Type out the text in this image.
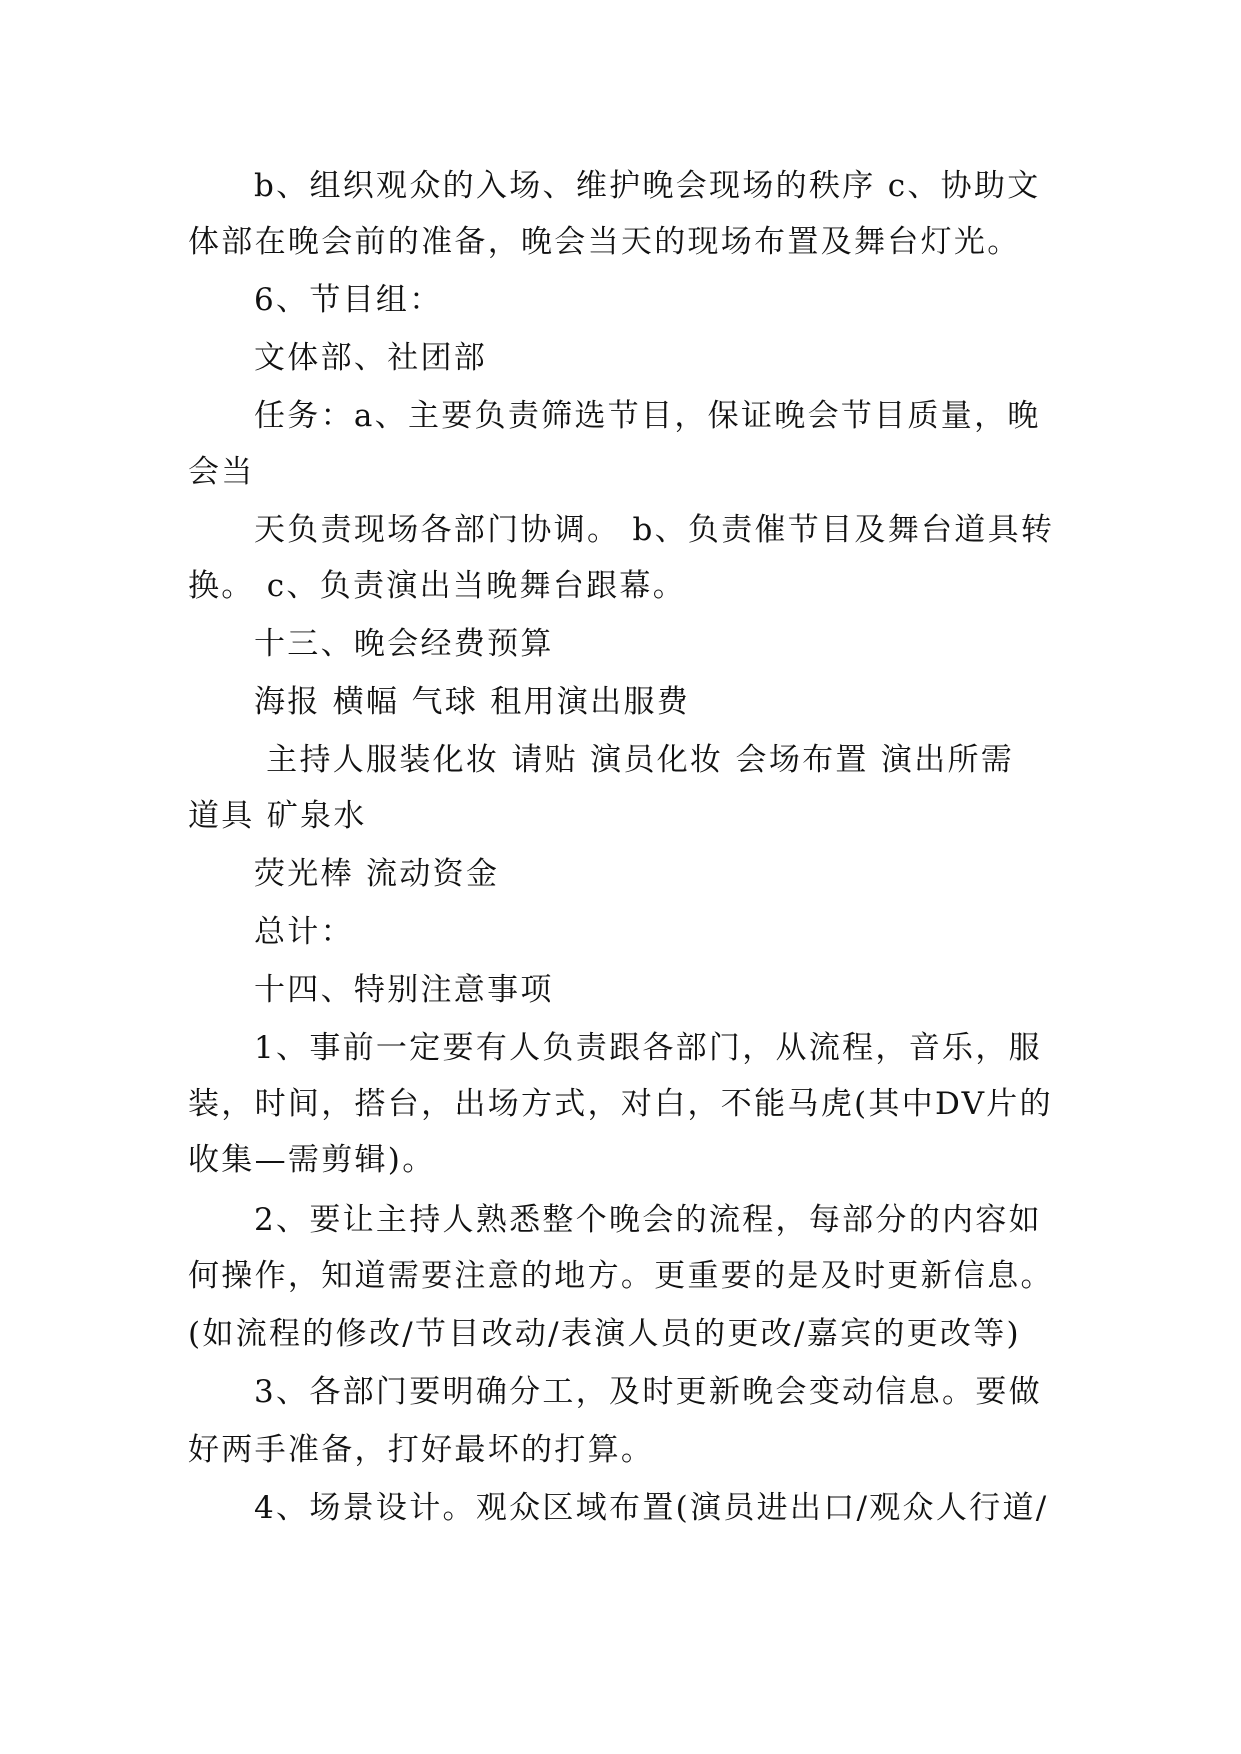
b、组织观众的入场、维护晚会现场的秩序 c、协助文
体部在晚会前的准备，晚会当天的现场布置及舞台灯光。
6、节目组：
文体部、社团部
任务：a、主要负责筛选节目，保证晚会节目质量，晚
会当
天负责现场各部门协调。 b、负责催节目及舞台道具转
换。 c、负责演出当晚舞台跟幕。
十三、晚会经费预算
海报 横幅 气球 租用演出服费
主持人服装化妆 请贴 演员化妆 会场布置 演出所需
道具 矿泉水
荧光棒 流动资金
总计：
十四、特别注意事项
1、事前一定要有人负责跟各部门，从流程，音乐，服
装，时间，搭台，出场方式，对白，不能马虎(其中DV片的
收集—需剪辑)。
2、要让主持人熟悉整个晚会的流程，每部分的内容如
何操作，知道需要注意的地方。更重要的是及时更新信息。
(如流程的修改/节目改动/表演人员的更改/嘉宾的更改等)
3、各部门要明确分工，及时更新晚会变动信息。要做
好两手准备，打好最坏的打算。
4、场景设计。观众区域布置(演员进出口/观众人行道/
